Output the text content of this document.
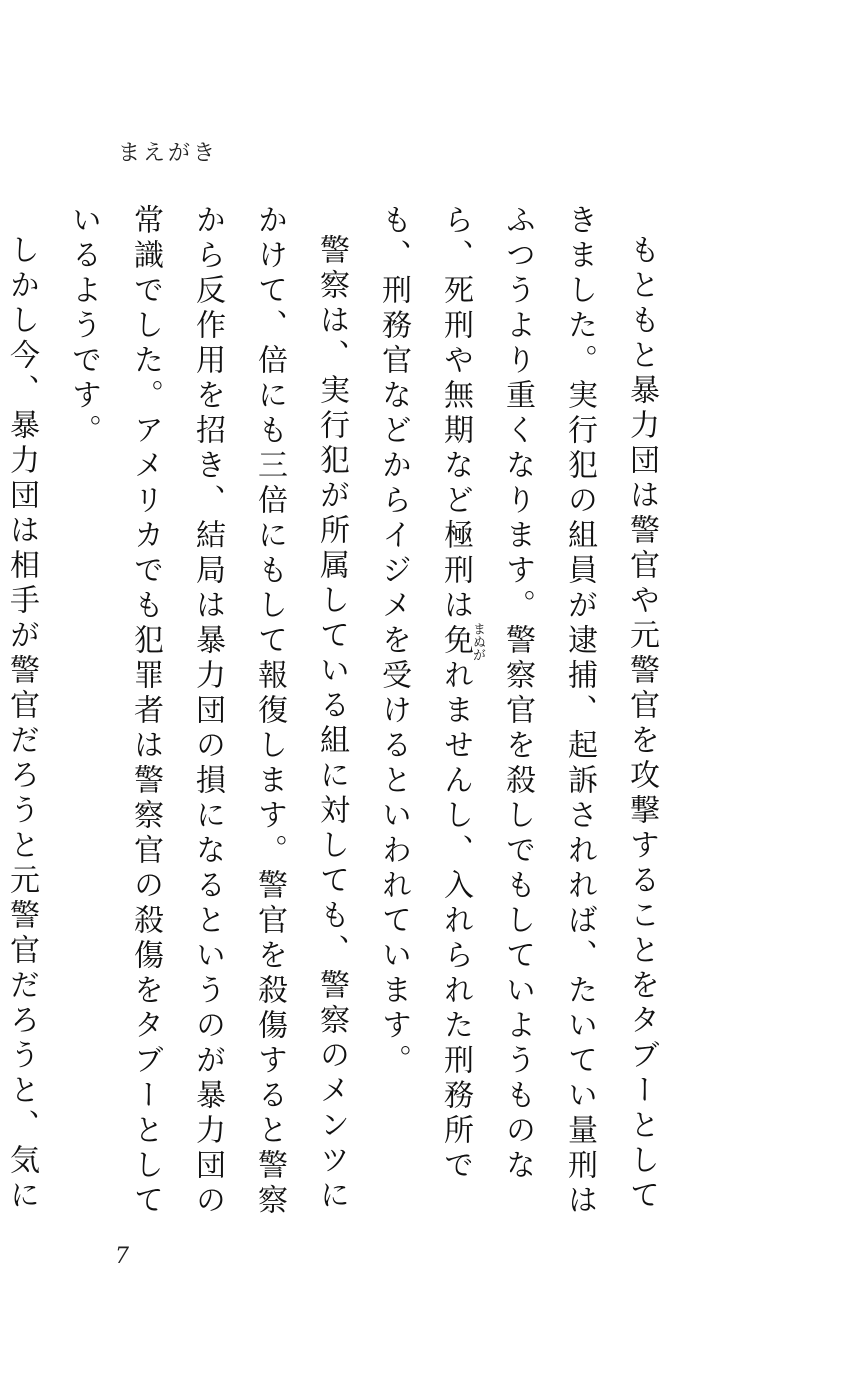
まえがき

もともと暴力団は警官や元警官を攻撃することをタブーとしてきました。実行犯の組員が逮捕、起訴されれば、たいてい量刑はふつうより重くなります。警察官を殺しでもしていようものなら、死刑や無期など極刑は免まぬがれませんし、入れられた刑務所でも、刑務官などからイジメを受けるといわれています。

警察は、実行犯が所属している組に対しても、警察のメンツにかけて、倍にも三倍にもして報復します。警官を殺傷すると警察から反作用を招き、結局は暴力団の損になるというのが暴力団の常識でした。アメリカでも犯罪者は警察官の殺傷をタブーとしているようです。

しかし今、暴力団は相手が警官だろうと元警官だろうと、気に

7
